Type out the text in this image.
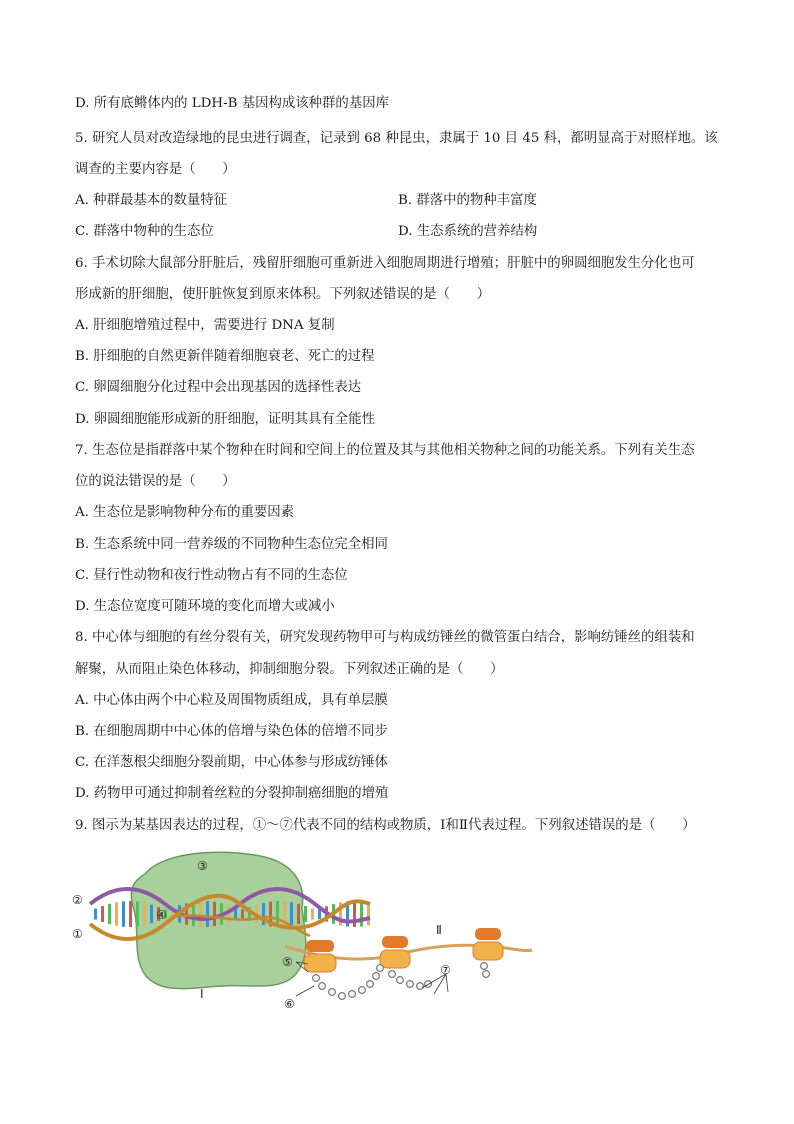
D. 所有底鳉体内的 LDH-B 基因构成该种群的基因库
5. 研究人员对改造绿地的昆虫进行调查，记录到 68 种昆虫，隶属于 10 目 45 科，都明显高于对照样地。该
调查的主要内容是（　　）
A. 种群最基本的数量特征	B. 群落中的物种丰富度
C. 群落中物种的生态位	D. 生态系统的营养结构
6. 手术切除大鼠部分肝脏后，残留肝细胞可重新进入细胞周期进行增殖；肝脏中的卵圆细胞发生分化也可
形成新的肝细胞，使肝脏恢复到原来体积。下列叙述错误的是（　　）
A. 肝细胞增殖过程中，需要进行 DNA 复制
B. 肝细胞的自然更新伴随着细胞衰老、死亡的过程
C. 卵圆细胞分化过程中会出现基因的选择性表达
D. 卵圆细胞能形成新的肝细胞，证明其具有全能性
7. 生态位是指群落中某个物种在时间和空间上的位置及其与其他相关物种之间的功能关系。下列有关生态
位的说法错误的是（　　）
A. 生态位是影响物种分布的重要因素
B. 生态系统中同一营养级的不同物种生态位完全相同
C. 昼行性动物和夜行性动物占有不同的生态位
D. 生态位宽度可随环境的变化而增大或减小
8. 中心体与细胞的有丝分裂有关，研究发现药物甲可与构成纺锤丝的微管蛋白结合，影响纺锤丝的组装和
解聚，从而阻止染色体移动，抑制细胞分裂。下列叙述正确的是（　　）
A. 中心体由两个中心粒及周围物质组成，具有单层膜
B. 在细胞周期中中心体的倍增与染色体的倍增不同步
C. 在洋葱根尖细胞分裂前期，中心体参与形成纺锤体
D. 药物甲可通过抑制着丝粒的分裂抑制癌细胞的增殖
9. 图示为某基因表达的过程，①～⑦代表不同的结构或物质，Ⅰ和Ⅱ代表过程。下列叙述错误的是（　　）
②
①
③
④
⑤
⑥
⑦
Ⅰ
Ⅱ
